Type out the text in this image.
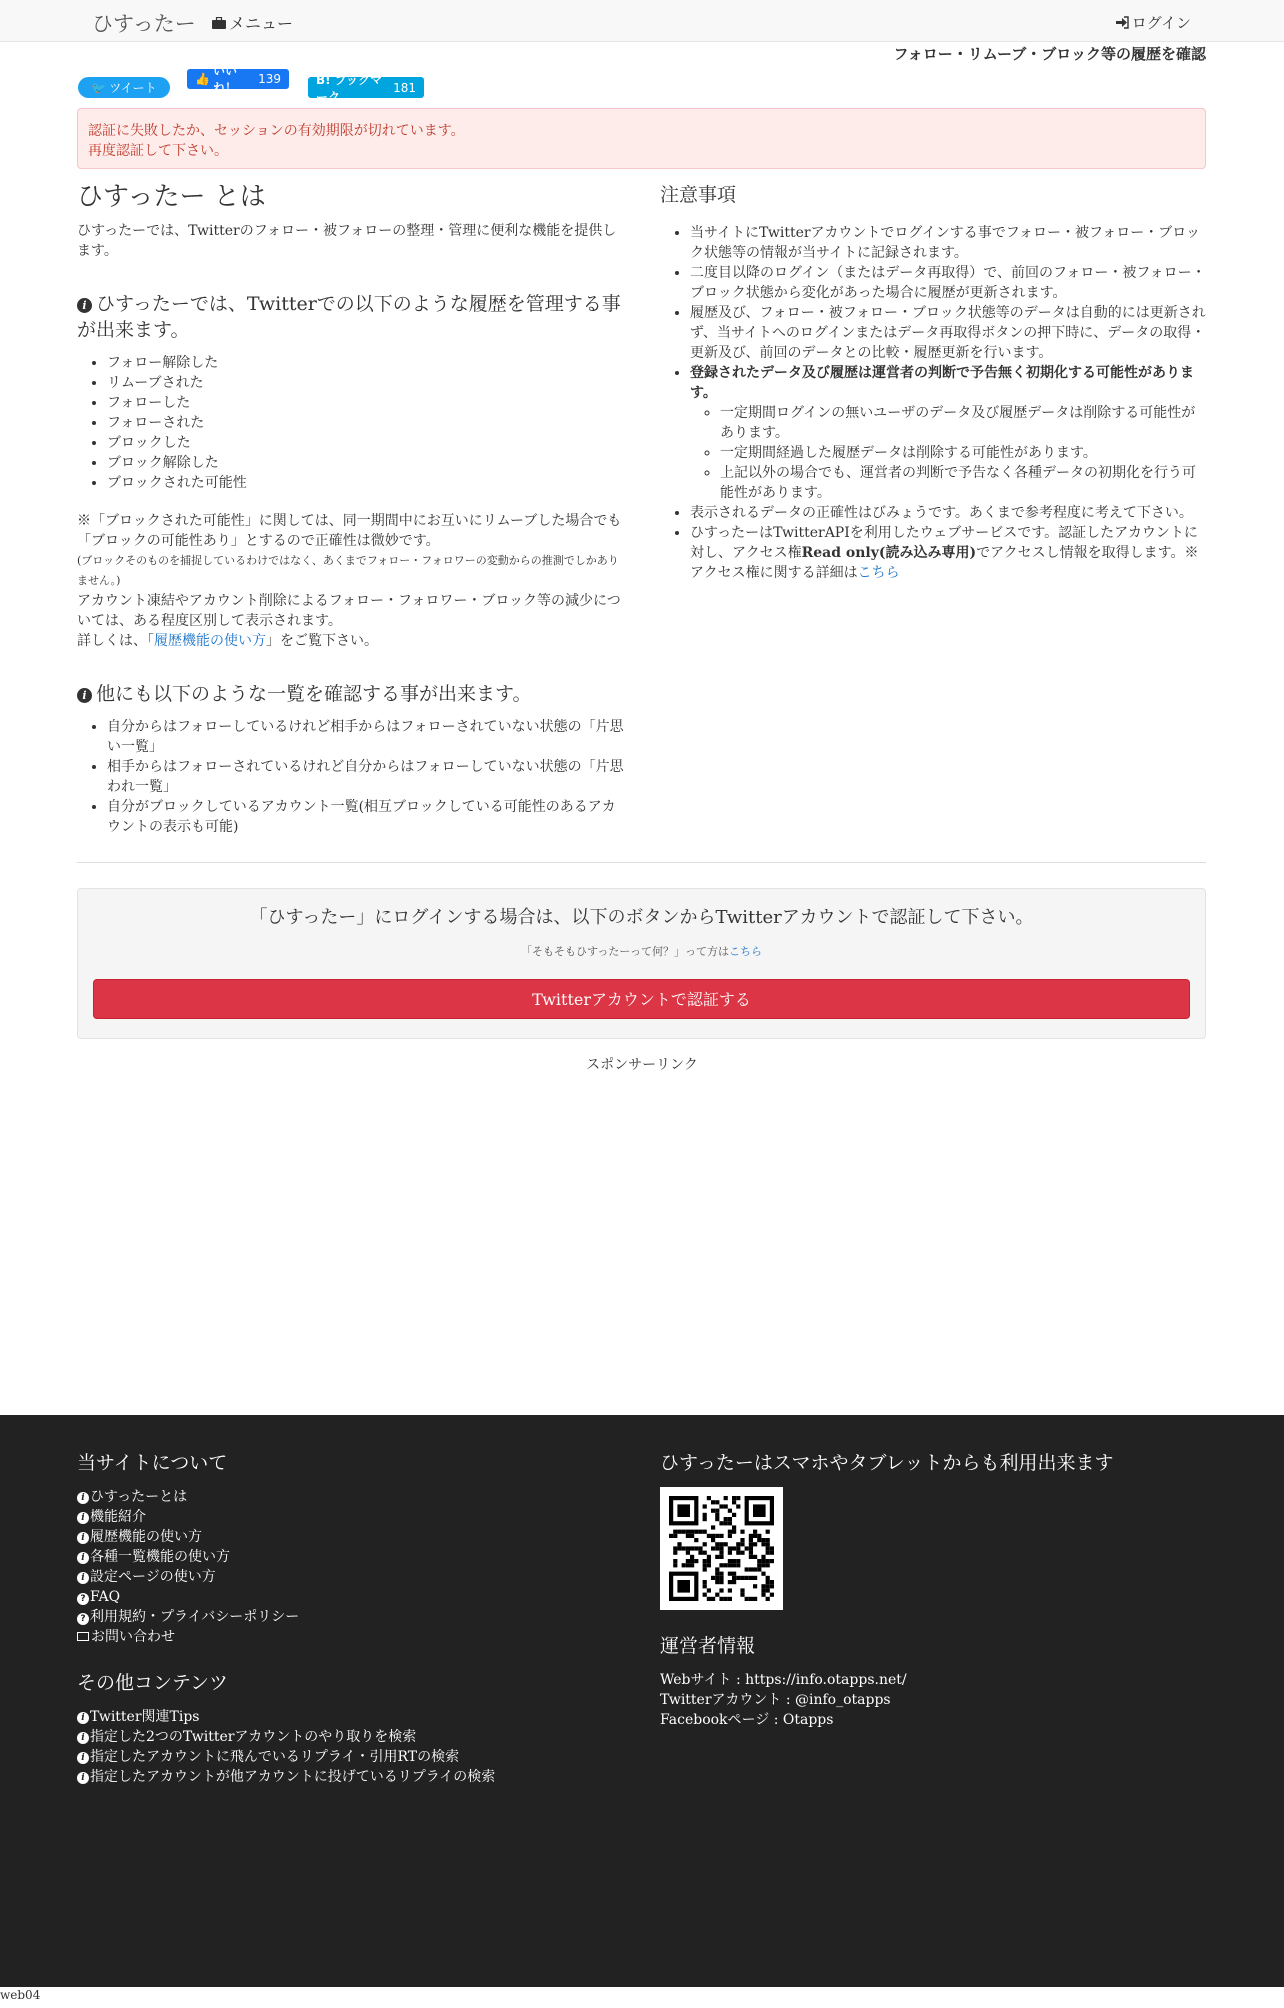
ひすったー メニュー	ログイン
フォロー・リムーブ・ブロック等の履歴を確認
🐦 ツイート
👍
いいね！
139	B! ブックマーク
181
認証に失敗したか、セッションの有効期限が切れています。
再度認証して下さい。
ひすったー とは

ひすったーでは、Twitterのフォロー・被フォローの整理・管理に便利な機能を提供します。

i ひすったーでは、Twitterでの以下のような履歴を管理する事が出来ます。
• フォロー解除した
• リムーブされた
• フォローした
• フォローされた
• ブロックした
• ブロック解除した
• ブロックされた可能性

※「ブロックされた可能性」に関しては、同一期間中にお互いにリムーブした場合でも「ブロックの可能性あり」とするので正確性は微妙です。

(ブロックそのものを捕捉しているわけではなく、あくまでフォロー・フォロワーの変動からの推測でしかありません。)

アカウント凍結やアカウント削除によるフォロー・フォロワー・ブロック等の減少については、ある程度区別して表示されます。

詳しくは、「履歴機能の使い方」をご覧下さい。

i 他にも以下のような一覧を確認する事が出来ます。
• 自分からはフォローしているけれど相手からはフォローされていない状態の「片思い一覧」
• 相手からはフォローされているけれど自分からはフォローしていない状態の「片思われ一覧」
• 自分がブロックしているアカウント一覧(相互ブロックしている可能性のあるアカウントの表示も可能)
注意事項
• 当サイトにTwitterアカウントでログインする事でフォロー・被フォロー・ブロック状態等の情報が当サイトに記録されます。
• 二度目以降のログイン（またはデータ再取得）で、前回のフォロー・被フォロー・ブロック状態から変化があった場合に履歴が更新されます。
• 履歴及び、フォロー・被フォロー・ブロック状態等のデータは自動的には更新されず、当サイトへのログインまたはデータ再取得ボタンの押下時に、データの取得・更新及び、前回のデータとの比較・履歴更新を行います。
• 登録されたデータ及び履歴は運営者の判断で予告無く初期化する可能性があります。
◦ 一定期間ログインの無いユーザのデータ及び履歴データは削除する可能性があります。
◦ 一定期間経過した履歴データは削除する可能性があります。
◦ 上記以外の場合でも、運営者の判断で予告なく各種データの初期化を行う可能性があります。
• 表示されるデータの正確性はびみょうです。あくまで参考程度に考えて下さい。
• ひすったーはTwitterAPIを利用したウェブサービスです。認証したアカウントに対し、アクセス権Read only(読み込み専用)でアクセスし情報を取得します。※アクセス権に関する詳細はこちら
「ひすったー」にログインする場合は、以下のボタンからTwitterアカウントで認証して下さい。
「そもそもひすったーって何？」って方はこちら
Twitterアカウントで認証する
スポンサーリンク
当サイトについて
i ひすったーとは
i 機能紹介
i 履歴機能の使い方
i 各種一覧機能の使い方
i 設定ページの使い方
? FAQ
? 利用規約・プライバシーポリシー
お問い合わせ
その他コンテンツ
i Twitter関連Tips
i 指定した2つのTwitterアカウントのやり取りを検索
i 指定したアカウントに飛んでいるリプライ・引用RTの検索
i 指定したアカウントが他アカウントに投げているリプライの検索
ひすったーはスマホやタブレットからも利用出来ます
運営者情報
Webサイト : https://info.otapps.net/
Twitterアカウント : @info_otapps
Facebookページ : Otapps
web04
